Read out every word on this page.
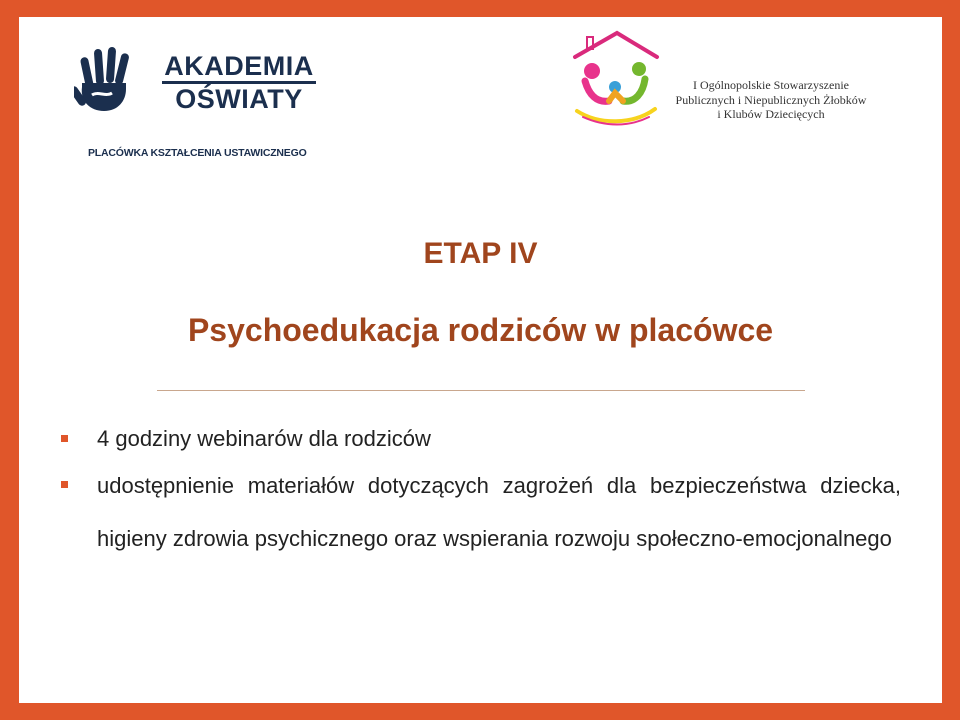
AKADEMIA
OŚWIATY
PLACÓWKA KSZTAŁCENIA USTAWICZNEGO
I Ogólnopolskie Stowarzyszenie
Publicznych i Niepublicznych Żłobków
i Klubów Dziecięcych
ETAP IV
Psychoedukacja rodziców w placówce
4 godziny webinarów dla rodziców
udostępnienie materiałów dotyczących zagrożeń dla bezpieczeństwa dziecka, higieny zdrowia psychicznego oraz wspierania rozwoju społeczno-emocjonalnego
